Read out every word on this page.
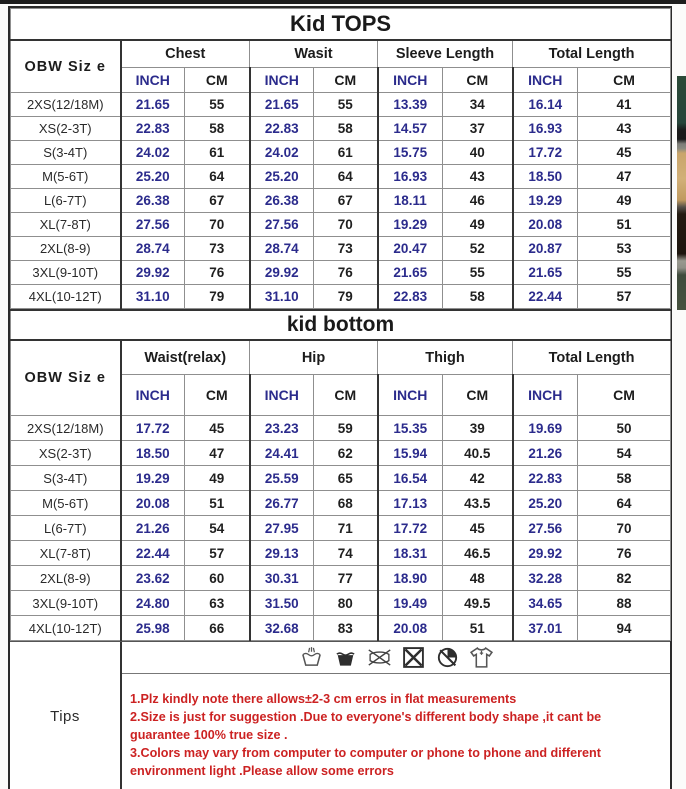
Kid TOPS								
OBW Siz e	Chest		Wasit		Sleeve Length		Total Length	
	INCH	CM	INCH	CM	INCH	CM	INCH	CM
2XS(12/18M)	21.65	55	21.65	55	13.39	34	16.14	41
XS(2-3T)	22.83	58	22.83	58	14.57	37	16.93	43
S(3-4T)	24.02	61	24.02	61	15.75	40	17.72	45
M(5-6T)	25.20	64	25.20	64	16.93	43	18.50	47
L(6-7T)	26.38	67	26.38	67	18.11	46	19.29	49
XL(7-8T)	27.56	70	27.56	70	19.29	49	20.08	51
2XL(8-9)	28.74	73	28.74	73	20.47	52	20.87	53
3XL(9-10T)	29.92	76	29.92	76	21.65	55	21.65	55
4XL(10-12T)	31.10	79	31.10	79	22.83	58	22.44	57
kid bottom								
OBW Siz e	Waist(relax)		Hip		Thigh		Total Length	
	INCH	CM	INCH	CM	INCH	CM	INCH	CM
2XS(12/18M)	17.72	45	23.23	59	15.35	39	19.69	50
XS(2-3T)	18.50	47	24.41	62	15.94	40.5	21.26	54
S(3-4T)	19.29	49	25.59	65	16.54	42	22.83	58
M(5-6T)	20.08	51	26.77	68	17.13	43.5	25.20	64
L(6-7T)	21.26	54	27.95	71	17.72	45	27.56	70
XL(7-8T)	22.44	57	29.13	74	18.31	46.5	29.92	76
2XL(8-9)	23.62	60	30.31	77	18.90	48	32.28	82
3XL(9-10T)	24.80	63	31.50	80	19.49	49.5	34.65	88
4XL(10-12T)	25.98	66	32.68	83	20.08	51	37.01	94
Tips
1.Plz kindly note there allows±2-3 cm erros in flat measurements
2.Size is just for suggestion .Due to everyone's different body shape ,it cant be guarantee 100% true size .
3.Colors may vary from computer to computer or phone to phone and different environment light .Please allow some errors
